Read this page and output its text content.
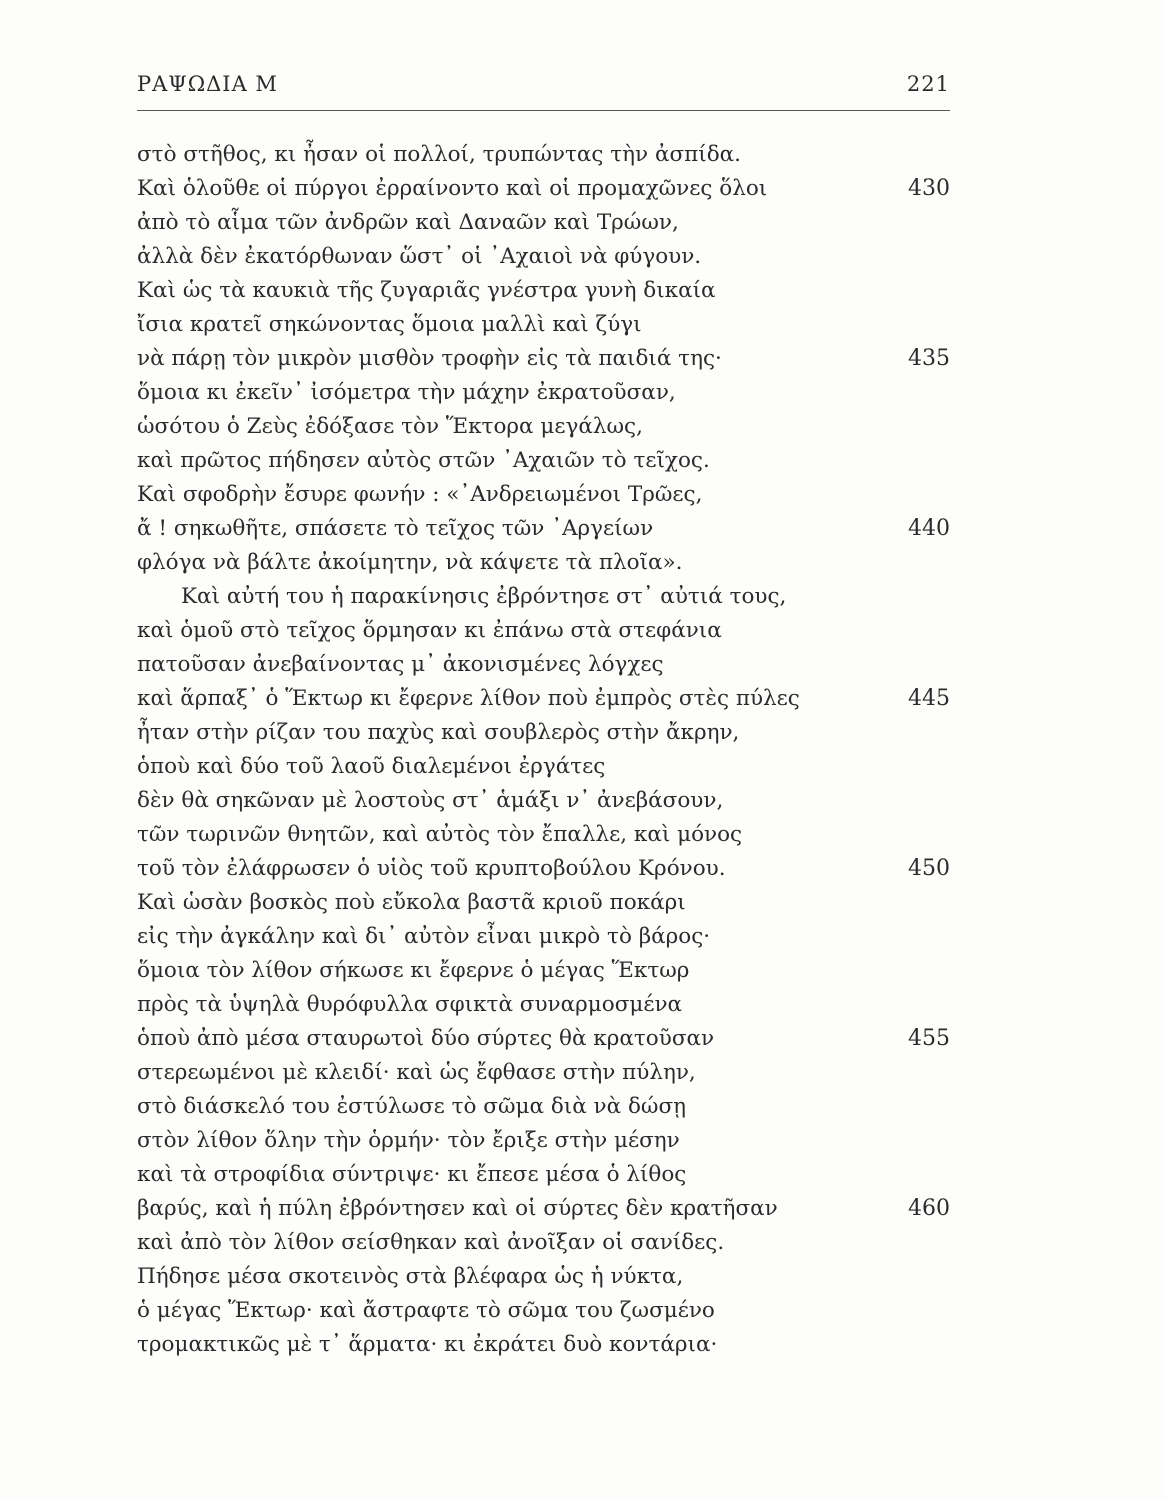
ΡΑΨΩΔΙΑ Μ	221
στὸ στῆθος, κι ἦσαν οἱ πολλοί, τρυπώντας τὴν ἀσπίδα.
Καὶ ὁλοῦθε οἱ πύργοι ἐρραίνοντο καὶ οἱ προμαχῶνες ὅλοι	430
ἀπὸ τὸ αἷμα τῶν ἀνδρῶν καὶ Δαναῶν καὶ Τρώων,
ἀλλὰ δὲν ἐκατόρθωναν ὥστ᾽ οἱ ᾿Αχαιοὶ νὰ φύγουν.
Καὶ ὡς τὰ καυκιὰ τῆς ζυγαριᾶς γνέστρα γυνὴ δικαία
ἴσια κρατεῖ σηκώνοντας ὅμοια μαλλὶ καὶ ζύγι
νὰ πάρῃ τὸν μικρὸν μισθὸν τροφὴν εἰς τὰ παιδιά της·	435
ὅμοια κι ἐκεῖν᾽ ἰσόμετρα τὴν μάχην ἐκρατοῦσαν,
ὡσότου ὁ Ζεὺς ἐδόξασε τὸν Ἕκτορα μεγάλως,
καὶ πρῶτος πήδησεν αὐτὸς στῶν ᾿Αχαιῶν τὸ τεῖχος.
Καὶ σφοδρὴν ἔσυρε φωνήν : «᾿Ανδρειωμένοι Τρῶες,
ἄ ! σηκωθῆτε, σπάσετε τὸ τεῖχος τῶν ᾿Αργείων	440
φλόγα νὰ βάλτε ἀκοίμητην, νὰ κάψετε τὰ πλοῖα».
Καὶ αὐτή του ἡ παρακίνησις ἐβρόντησε στ᾽ αὐτιά τους,
καὶ ὁμοῦ στὸ τεῖχος ὅρμησαν κι ἐπάνω στὰ στεφάνια
πατοῦσαν ἀνεβαίνοντας μ᾽ ἀκονισμένες λόγχες
καὶ ἅρπαξ᾽ ὁ Ἕκτωρ κι ἔφερνε λίθον ποὺ ἐμπρὸς στὲς πύλες	445
ἦταν στὴν ρίζαν του παχὺς καὶ σουβλερὸς στὴν ἄκρην,
ὁποὺ καὶ δύο τοῦ λαοῦ διαλεμένοι ἐργάτες
δὲν θὰ σηκῶναν μὲ λοστοὺς στ᾽ ἁμάξι ν᾽ ἀνεβάσουν,
τῶν τωρινῶν θνητῶν, καὶ αὐτὸς τὸν ἔπαλλε, καὶ μόνος
τοῦ τὸν ἐλάφρωσεν ὁ υἱὸς τοῦ κρυπτοβούλου Κρόνου.	450
Καὶ ὡσὰν βοσκὸς ποὺ εὔκολα βαστᾶ κριοῦ ποκάρι
εἰς τὴν ἀγκάλην καὶ δι᾽ αὐτὸν εἶναι μικρὸ τὸ βάρος·
ὅμοια τὸν λίθον σήκωσε κι ἔφερνε ὁ μέγας Ἕκτωρ
πρὸς τὰ ὑψηλὰ θυρόφυλλα σφικτὰ συναρμοσμένα
ὁποὺ ἀπὸ μέσα σταυρωτοὶ δύο σύρτες θὰ κρατοῦσαν	455
στερεωμένοι μὲ κλειδί· καὶ ὡς ἔφθασε στὴν πύλην,
στὸ διάσκελό του ἐστύλωσε τὸ σῶμα διὰ νὰ δώσῃ
στὸν λίθον ὅλην τὴν ὁρμήν· τὸν ἔριξε στὴν μέσην
καὶ τὰ στροφίδια σύντριψε· κι ἔπεσε μέσα ὁ λίθος
βαρύς, καὶ ἡ πύλη ἐβρόντησεν καὶ οἱ σύρτες δὲν κρατῆσαν	460
καὶ ἀπὸ τὸν λίθον σείσθηκαν καὶ ἀνοῖξαν οἱ σανίδες.
Πήδησε μέσα σκοτεινὸς στὰ βλέφαρα ὡς ἡ νύκτα,
ὁ μέγας Ἕκτωρ· καὶ ἄστραφτε τὸ σῶμα του ζωσμένο
τρομακτικῶς μὲ τ᾽ ἅρματα· κι ἐκράτει δυὸ κοντάρια·
